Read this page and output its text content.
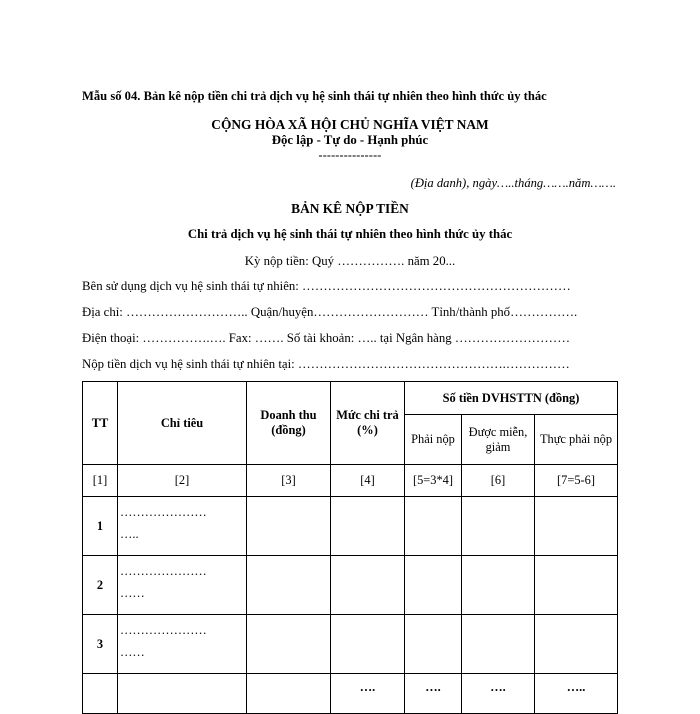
Mẫu số 04. Bản kê nộp tiền chi trả dịch vụ hệ sinh thái tự nhiên theo hình thức ủy thác
CỘNG HÒA XÃ HỘI CHỦ NGHĨA VIỆT NAM
Độc lập - Tự do - Hạnh phúc
---------------
(Địa danh), ngày…..tháng…….năm…….
BẢN KÊ NỘP TIỀN
Chi trả dịch vụ hệ sinh thái tự nhiên theo hình thức ủy thác
Kỳ nộp tiền: Quý ……………. năm 20...
Bên sử dụng dịch vụ hệ sinh thái tự nhiên: ………………………………………………………
Địa chỉ: ……………………….. Quận/huyện……………………… Tỉnh/thành phố…………….
Điện thoại: …………….…. Fax: ……. Số tài khoản: ….. tại Ngân hàng ………………………
Nộp tiền dịch vụ hệ sinh thái tự nhiên tại: ………………………………………….……………
TT	Chỉ tiêu	Doanh thu (đồng)	Mức chi trả (%)	Số tiền DVHSTTN (đồng)		
				Phải nộp	Được miễn, giảm	Thực phải nộp
[1]	[2]	[3]	[4]	[5=3*4]	[6]	[7=5-6]
1	…………………
…..					
2	…………………
……					
3	…………………
……					
			….	….	….	…..
